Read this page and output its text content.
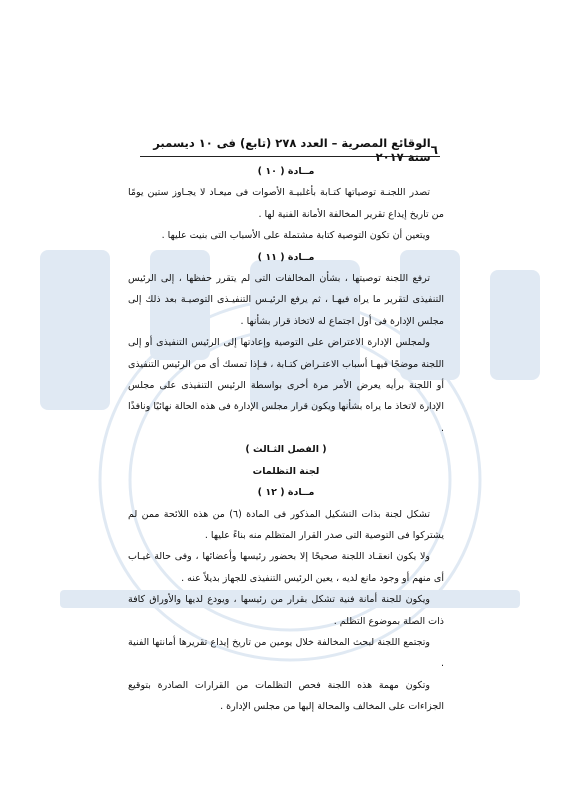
٦
الوقائع المصرية – العدد ٢٧٨ (تابع) فى ١٠ ديسمبر سنة ٢٠١٧

مــادة ( ١٠ )

تصدر اللجنـة توصياتها كتـابة بأغلبيـة الأصوات فى ميعـاد لا يجـاوز ستين يومًا من تاريخ إيداع تقرير المخالفة الأمانة الفنية لها .

ويتعين أن تكون التوصية كتابة مشتملة على الأسباب التى بنيت عليها .

مــادة ( ١١ )

ترفع اللجنة توصيتها ، بشأن المخالفات التى لم يتقرر حفظها ، إلى الرئيس التنفيذى لتقرير ما يراه فيهـا ، ثم يرفع الرئيـس التنفيـذى التوصيـة بعد ذلك إلى مجلس الإدارة فى أول اجتماع له لاتخاذ قرار بشأنها .

ولمجلس الإدارة الاعتراض على التوصية وإعادتها إلى الرئيس التنفيذى أو إلى اللجنة موضحًا فيهـا أسباب الاعتـراض كتـابة ، فـإذا تمسك أى من الرئيس التنفيذى أو اللجنة برأيه يعرض الأمر مرة أخرى بواسطة الرئيس التنفيذى على مجلس الإدارة لاتخاذ ما يراه بشأنها ويكون قرار مجلس الإدارة فى هذه الحالة نهائيًا ونافذًا .

( الفصل الثـالث )

لجنة التظلمات

مــادة ( ١٢ )

تشكل لجنة بذات التشكيل المذكور فى المادة (٦) من هذه اللائحة ممن لم يشتركوا فى التوصية التى صدر القرار المتظلم منه بناءً عليها .

ولا يكون انعقـاد اللجنة صحيحًا إلا بحضور رئيسها وأعضائها ، وفى حالة غيـاب أى منهم أو وجود مانع لديه ، يعين الرئيس التنفيذى للجهاز بديلاً عنه .

ويكون للجنة أمانة فنية تشكل بقرار من رئيسها ، ويودع لديها والأوراق كافة ذات الصلة بموضوع التظلم .

وتجتمع اللجنة لبحث المخالفة خلال يومين من تاريخ إيداع تقريرها أمانتها الفنية .

وتكون مهمة هذه اللجنة فحص التظلمات من القرارات الصادرة بتوقيع الجزاءات على المخالف والمحالة إليها من مجلس الإدارة .
